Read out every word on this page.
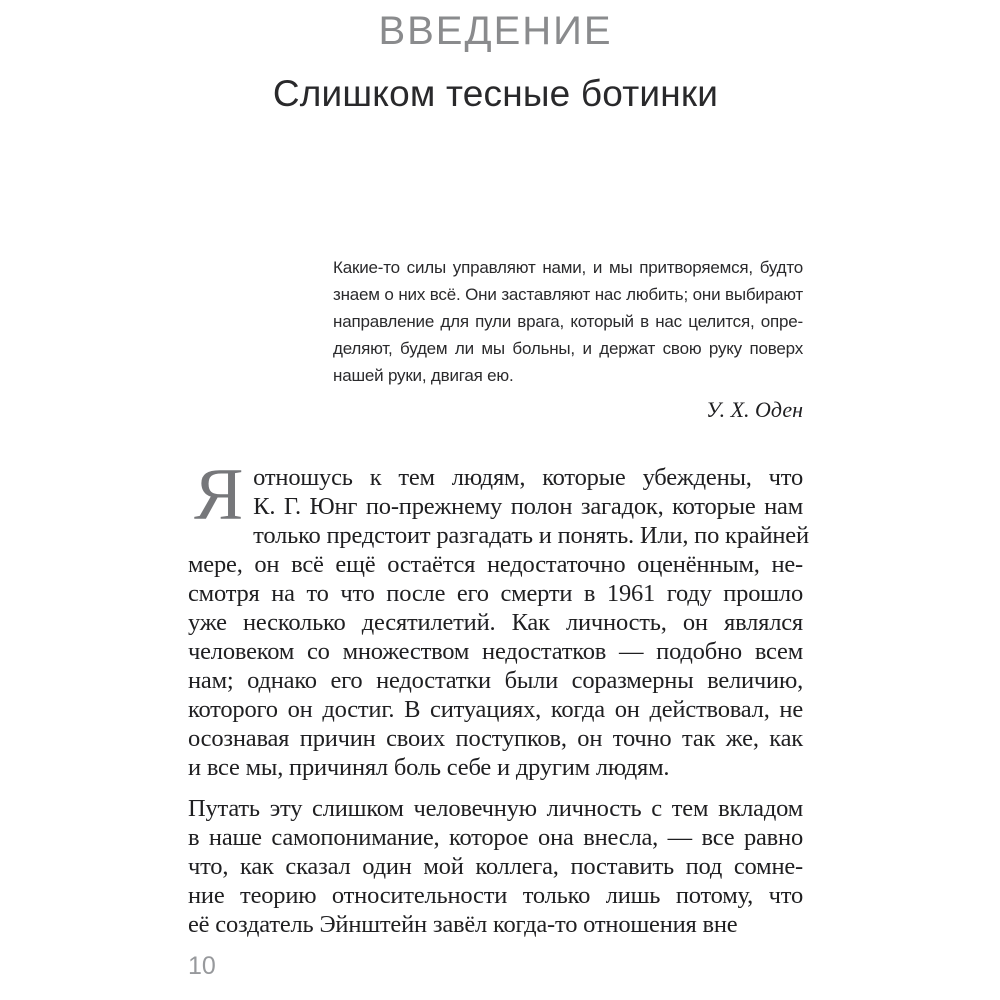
ВВЕДЕНИЕ
Слишком тесные ботинки
Какие-то силы управляют нами, и мы притворяемся, будто
знаем о них всё. Они заставляют нас любить; они выбирают
направление для пули врага, который в нас целится, опре-
деляют, будем ли мы больны, и держат свою руку поверх
нашей руки, двигая ею.
У. Х. Оден
Я отношусь к тем людям, которые убеждены, что
К. Г. Юнг по-прежнему полон загадок, которые нам
только предстоит разгадать и понять. Или, по крайней
мере, он всё ещё остаётся недостаточно оценённым, не-
смотря на то что после его смерти в 1961 году прошло
уже несколько десятилетий. Как личность, он являлся
человеком со множеством недостатков — подобно всем
нам; однако его недостатки были соразмерны величию,
которого он достиг. В ситуациях, когда он действовал, не
осознавая причин своих поступков, он точно так же, как
и все мы, причинял боль себе и другим людям.
Путать эту слишком человечную личность с тем вкладом
в наше самопонимание, которое она внесла, — все равно
что, как сказал один мой коллега, поставить под сомне-
ние теорию относительности только лишь потому, что
её создатель Эйнштейн завёл когда-то отношения вне
10
